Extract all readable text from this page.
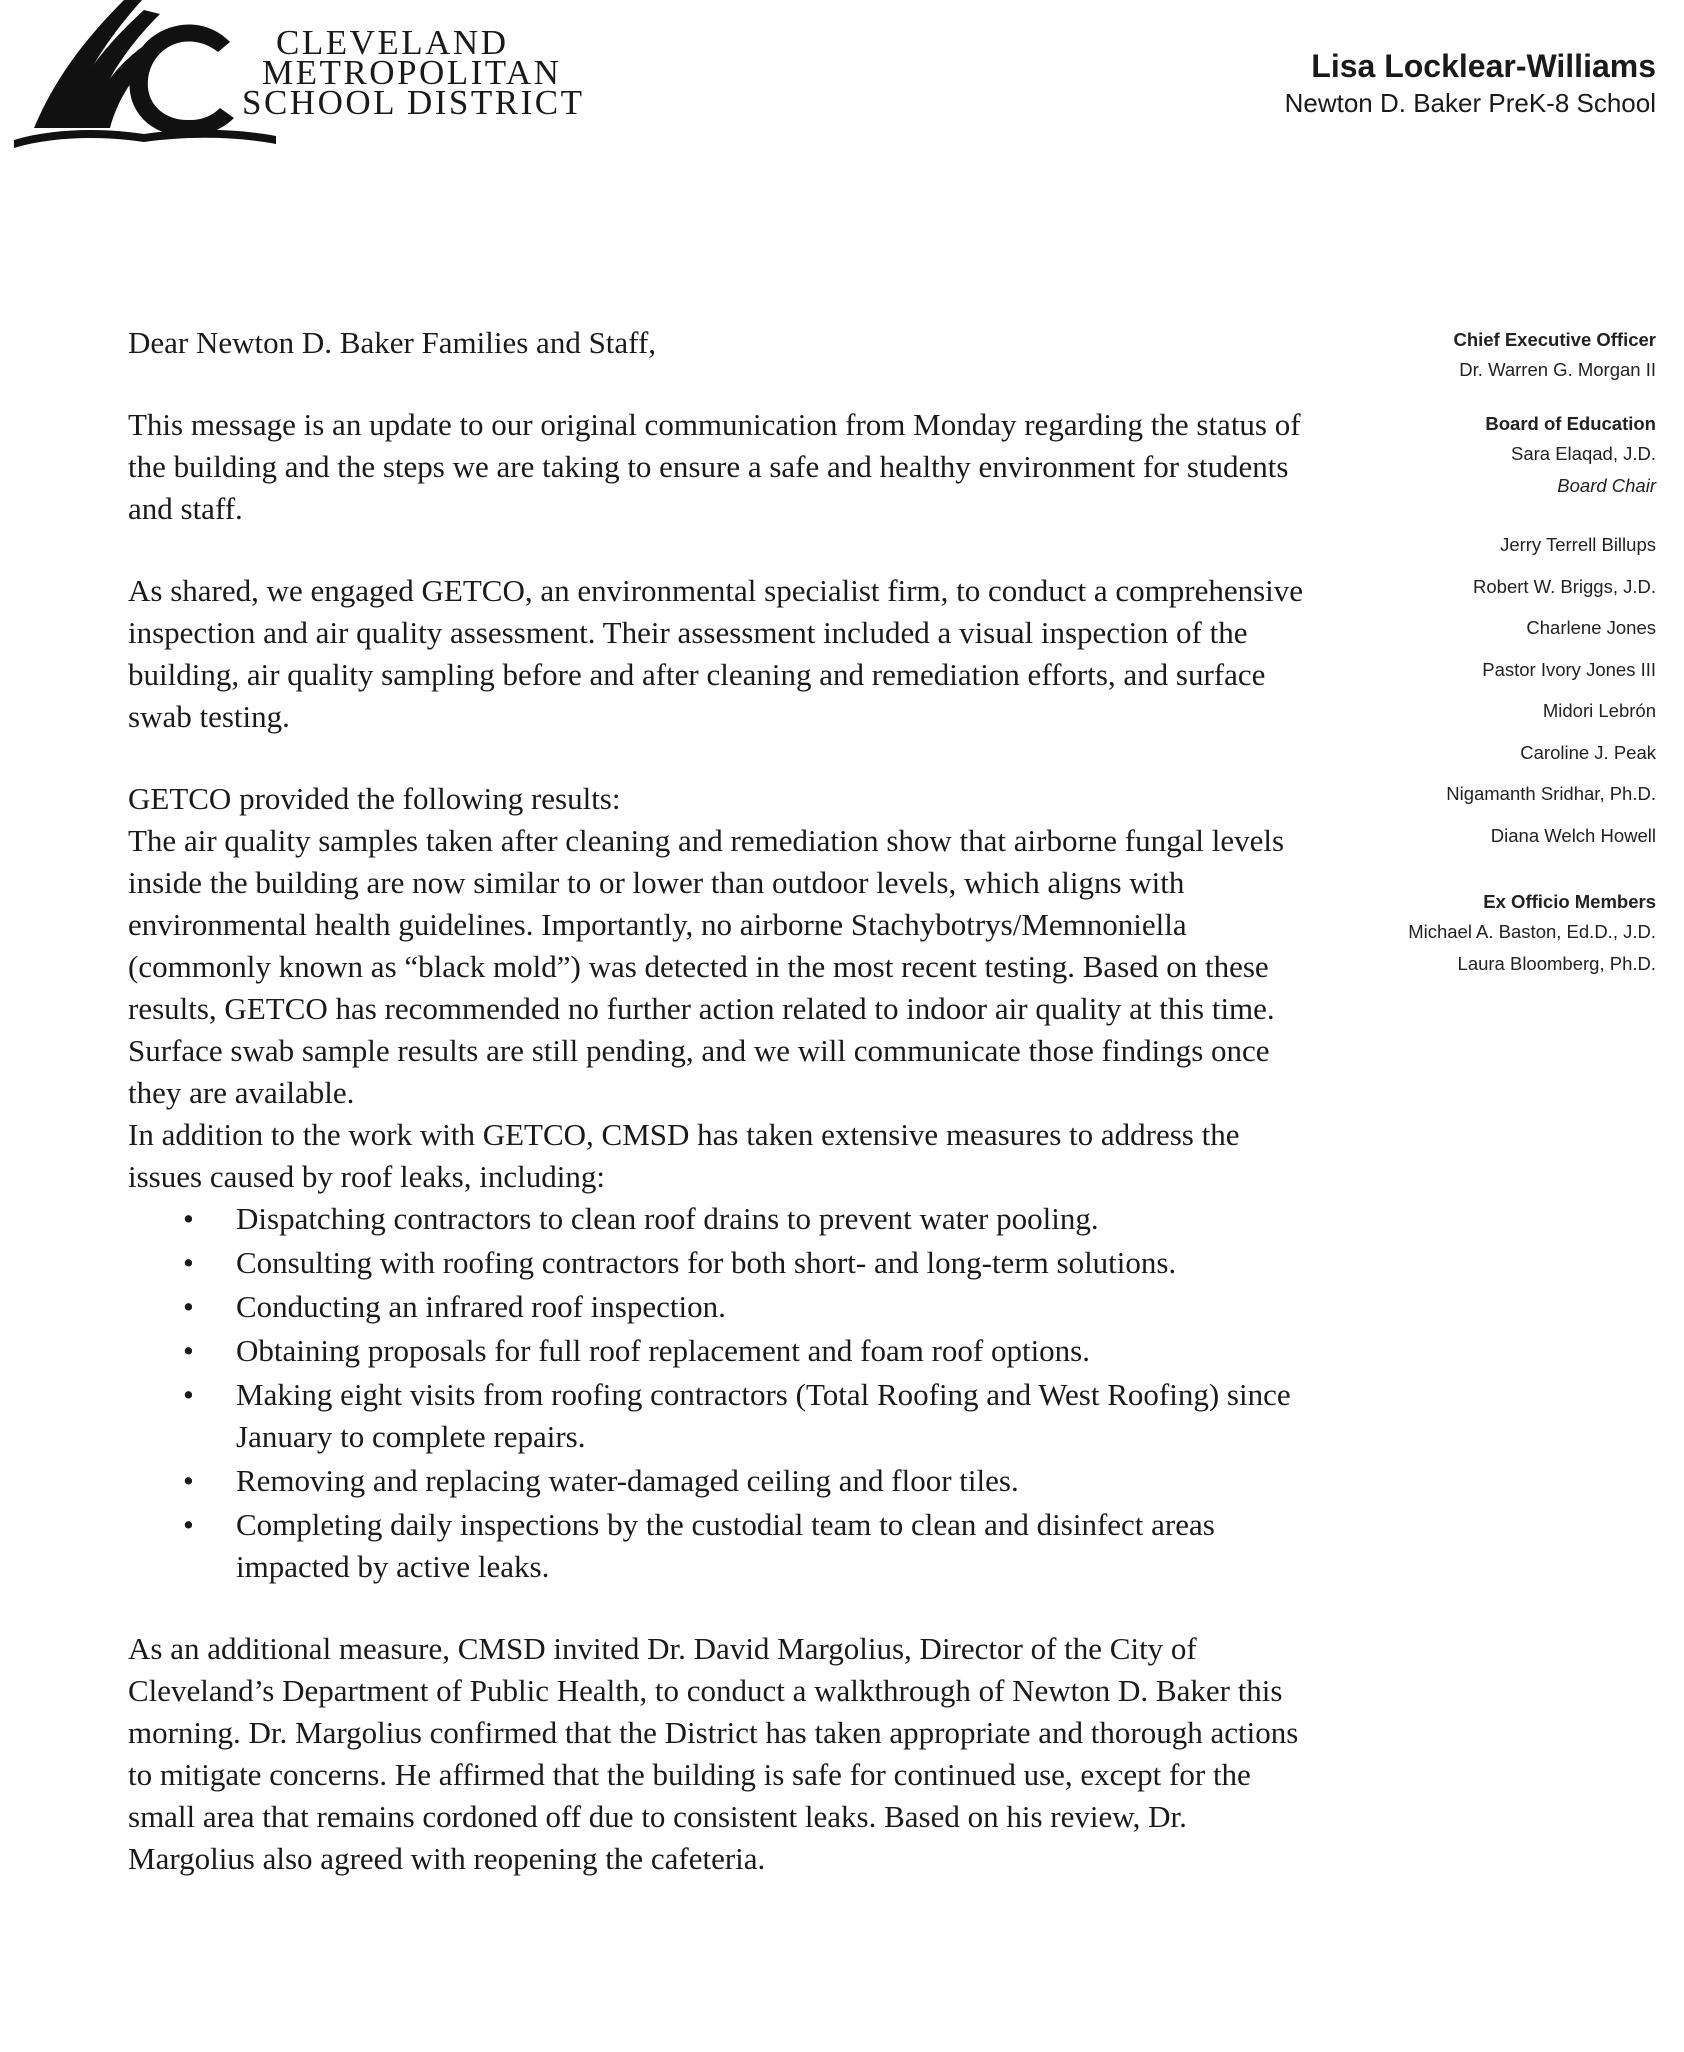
CLEVELAND
METROPOLITAN
SCHOOL DISTRICT
Lisa Locklear-Williams
Newton D. Baker PreK-8 School
Chief Executive Officer
Dr. Warren G. Morgan II
Board of Education
Sara Elaqad, J.D.
Board Chair
Jerry Terrell Billups
Robert W. Briggs, J.D.
Charlene Jones
Pastor Ivory Jones III
Midori Lebrón
Caroline J. Peak
Nigamanth Sridhar, Ph.D.
Diana Welch Howell
Ex Officio Members
Michael A. Baston, Ed.D., J.D.
Laura Bloomberg, Ph.D.

Dear Newton D. Baker Families and Staff,

This message is an update to our original communication from Monday regarding the status of the building and the steps we are taking to ensure a safe and healthy environment for students and staff.

As shared, we engaged GETCO, an environmental specialist firm, to conduct a comprehensive inspection and air quality assessment. Their assessment included a visual inspection of the building, air quality sampling before and after cleaning and remediation efforts, and surface swab testing.

GETCO provided the following results:

The air quality samples taken after cleaning and remediation show that airborne fungal levels inside the building are now similar to or lower than outdoor levels, which aligns with environmental health guidelines. Importantly, no airborne Stachybotrys/Memnoniella (commonly known as “black mold”) was detected in the most recent testing. Based on these results, GETCO has recommended no further action related to indoor air quality at this time. Surface swab sample results are still pending, and we will communicate those findings once they are available.

In addition to the work with GETCO, CMSD has taken extensive measures to address the issues caused by roof leaks, including:

• Dispatching contractors to clean roof drains to prevent water pooling.
• Consulting with roofing contractors for both short- and long-term solutions.
• Conducting an infrared roof inspection.
• Obtaining proposals for full roof replacement and foam roof options.
• Making eight visits from roofing contractors (Total Roofing and West Roofing) since January to complete repairs.
• Removing and replacing water-damaged ceiling and floor tiles.
• Completing daily inspections by the custodial team to clean and disinfect areas impacted by active leaks.

As an additional measure, CMSD invited Dr. David Margolius, Director of the City of Cleveland’s Department of Public Health, to conduct a walkthrough of Newton D. Baker this morning. Dr. Margolius confirmed that the District has taken appropriate and thorough actions to mitigate concerns. He affirmed that the building is safe for continued use, except for the small area that remains cordoned off due to consistent leaks. Based on his review, Dr. Margolius also agreed with reopening the cafeteria.
